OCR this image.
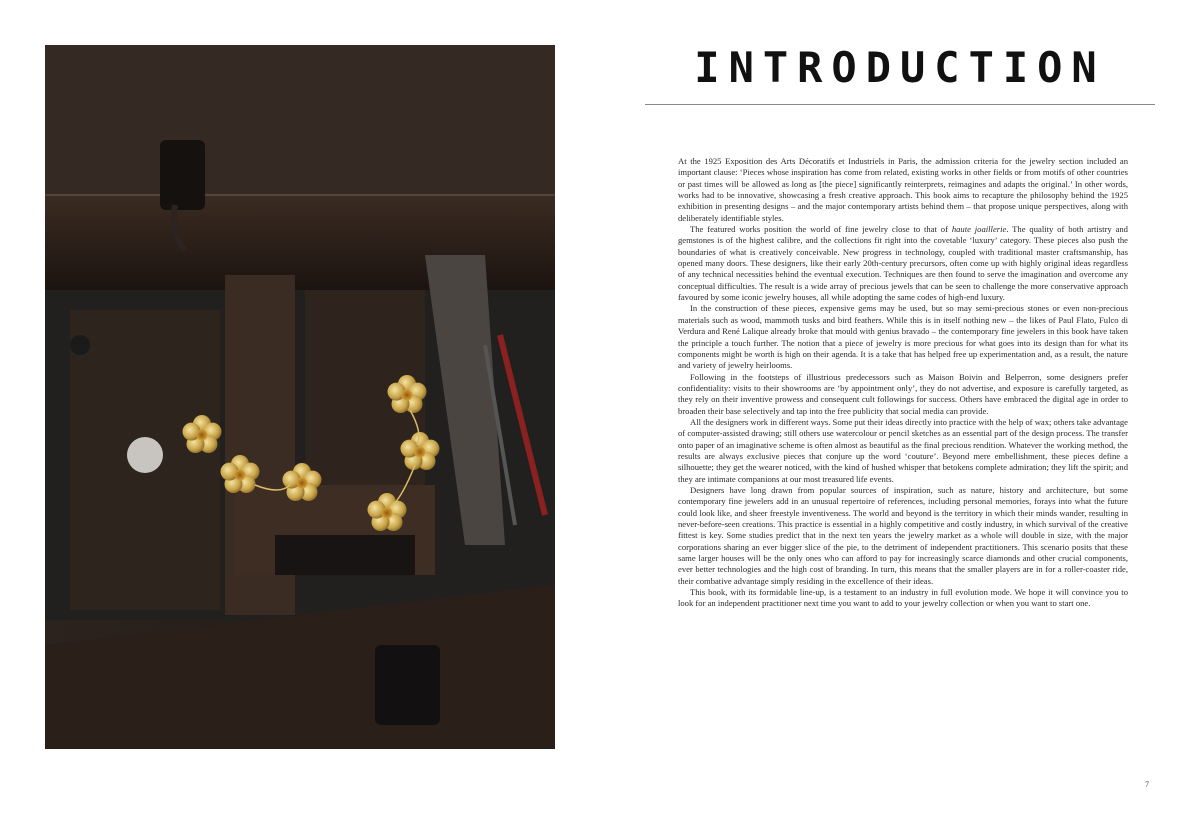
INTRODUCTION

At the 1925 Exposition des Arts Décoratifs et Industriels in Paris, the admission criteria for the jewelry section included an important clause: ‘Pieces whose inspiration has come from related, existing works in other fields or from motifs of other countries or past times will be allowed as long as [the piece] significantly reinterprets, reimagines and adapts the original.’ In other words, works had to be innovative, showcasing a fresh creative approach. This book aims to recapture the philosophy behind the 1925 exhibition in presenting designs – and the major contemporary artists behind them – that propose unique perspectives, along with deliberately identifiable styles.

The featured works position the world of fine jewelry close to that of haute joaillerie. The quality of both artistry and gemstones is of the highest calibre, and the collections fit right into the covetable ‘luxury’ category. These pieces also push the boundaries of what is creatively conceivable. New progress in technology, coupled with traditional master craftsmanship, has opened many doors. These designers, like their early 20th-century precursors, often come up with highly original ideas regardless of any technical necessities behind the eventual execution. Techniques are then found to serve the imagination and overcome any conceptual difficulties. The result is a wide array of precious jewels that can be seen to challenge the more conservative approach favoured by some iconic jewelry houses, all while adopting the same codes of high-end luxury.

In the construction of these pieces, expensive gems may be used, but so may semi-precious stones or even non-precious materials such as wood, mammoth tusks and bird feathers. While this is in itself nothing new – the likes of Paul Flato, Fulco di Verdura and René Lalique already broke that mould with genius bravado – the contemporary fine jewelers in this book have taken the principle a touch further. The notion that a piece of jewelry is more precious for what goes into its design than for what its components might be worth is high on their agenda. It is a take that has helped free up experimentation and, as a result, the nature and variety of jewelry heirlooms.

Following in the footsteps of illustrious predecessors such as Maison Boivin and Belperron, some designers prefer confidentiality: visits to their showrooms are ‘by appointment only’, they do not advertise, and exposure is carefully targeted, as they rely on their inventive prowess and consequent cult followings for success. Others have embraced the digital age in order to broaden their base selectively and tap into the free publicity that social media can provide.

All the designers work in different ways. Some put their ideas directly into practice with the help of wax; others take advantage of computer-assisted drawing; still others use watercolour or pencil sketches as an essential part of the design process. The transfer onto paper of an imaginative scheme is often almost as beautiful as the final precious rendition. Whatever the working method, the results are always exclusive pieces that conjure up the word ‘couture’. Beyond mere embellishment, these pieces define a silhouette; they get the wearer noticed, with the kind of hushed whisper that betokens complete admiration; they lift the spirit; and they are intimate companions at our most treasured life events.

Designers have long drawn from popular sources of inspiration, such as nature, history and architecture, but some contemporary fine jewelers add in an unusual repertoire of references, including personal memories, forays into what the future could look like, and sheer freestyle inventiveness. The world and beyond is the territory in which their minds wander, resulting in never-before-seen creations. This practice is essential in a highly competitive and costly industry, in which survival of the creative fittest is key. Some studies predict that in the next ten years the jewelry market as a whole will double in size, with the major corporations sharing an ever bigger slice of the pie, to the detriment of independent practitioners. This scenario posits that these same larger houses will be the only ones who can afford to pay for increasingly scarce diamonds and other crucial components, ever better technologies and the high cost of branding. In turn, this means that the smaller players are in for a roller-coaster ride, their combative advantage simply residing in the excellence of their ideas.

This book, with its formidable line-up, is a testament to an industry in full evolution mode. We hope it will convince you to look for an independent practitioner next time you want to add to your jewelry collection or when you want to start one.

7
